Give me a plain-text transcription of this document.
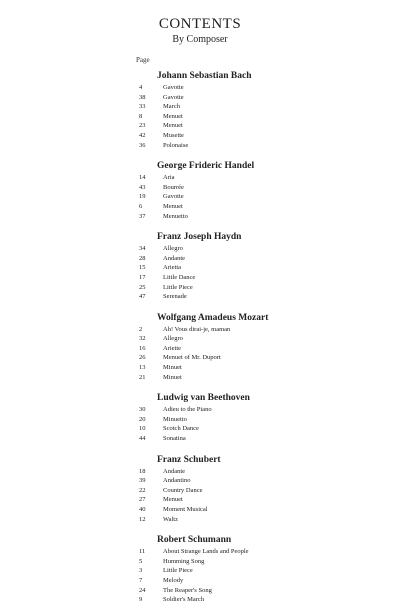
CONTENTS
By Composer
Page
Johann Sebastian Bach
4	Gavotte
38	Gavotte
33	March
8	Menuet
23	Menuet
42	Musette
36	Polonaise
George Frideric Handel
14	Aria
43	Bourrée
19	Gavotte
6	Menuet
37	Menuetto
Franz Joseph Haydn
34	Allegro
28	Andante
15	Arietta
17	Little Dance
25	Little Piece
47	Serenade
Wolfgang Amadeus Mozart
2	Ah! Vous dirai-je, maman
32	Allegro
16	Ariette
26	Menuet of Mr. Duport
13	Minuet
21	Minuet
Ludwig van Beethoven
30	Adieu to the Piano
20	Minuetto
10	Scotch Dance
44	Sonatina
Franz Schubert
18	Andante
39	Andantino
22	Country Dance
27	Menuet
40	Moment Musical
12	Waltz
Robert Schumann
11	About Strange Lands and People
5	Humming Song
3	Little Piece
7	Melody
24	The Reaper's Song
9	Soldier's March
